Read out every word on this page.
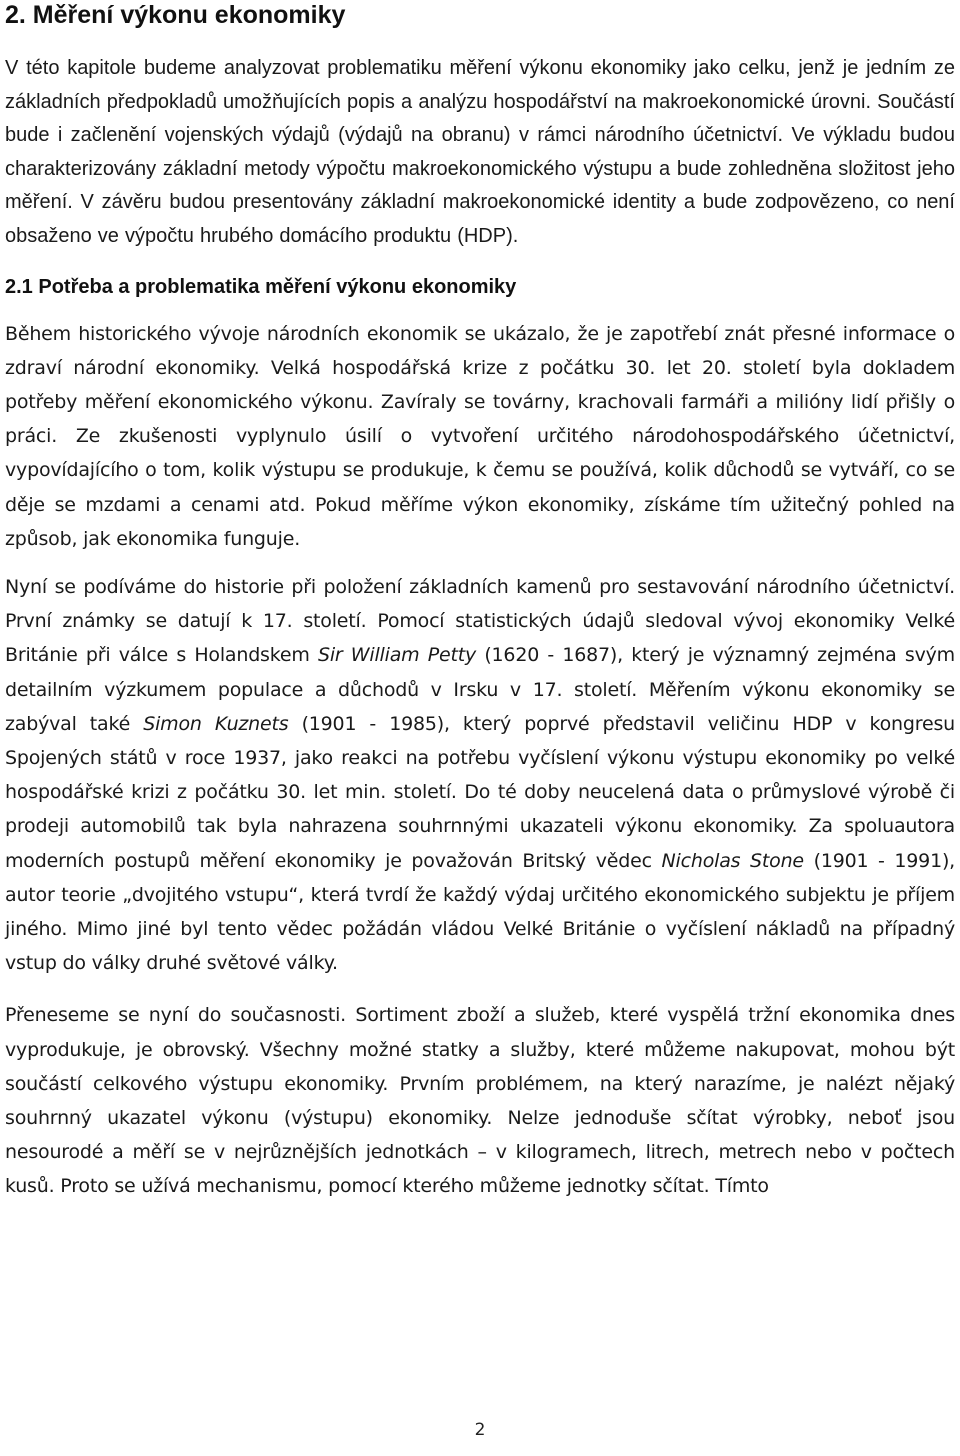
2. Měření výkonu ekonomiky

V této kapitole budeme analyzovat problematiku měření výkonu ekonomiky jako celku, jenž je jedním ze základních předpokladů umožňujících popis a analýzu hospodářství na makroekonomické úrovni. Součástí bude i začlenění vojenských výdajů (výdajů na obranu) v rámci národního účetnictví. Ve výkladu budou charakterizovány základní metody výpočtu makroekonomického výstupu a bude zohledněna složitost jeho měření. V závěru budou presentovány základní makroekonomické identity a bude zodpovězeno, co není obsaženo ve výpočtu hrubého domácího produktu (HDP).

2.1 Potřeba a problematika měření výkonu ekonomiky

Během historického vývoje národních ekonomik se ukázalo, že je zapotřebí znát přesné informace o zdraví národní ekonomiky. Velká hospodářská krize z počátku 30. let 20. století byla dokladem potřeby měření ekonomického výkonu. Zavíraly se továrny, krachovali farmáři a milióny lidí přišly o práci. Ze zkušenosti vyplynulo úsilí o vytvoření určitého národohospodářského účetnictví, vypovídajícího o tom, kolik výstupu se produkuje, k čemu se používá, kolik důchodů se vytváří, co se děje se mzdami a cenami atd. Pokud měříme výkon ekonomiky, získáme tím užitečný pohled na způsob, jak ekonomika funguje.

Nyní se podíváme do historie při položení základních kamenů pro sestavování národního účetnictví. První známky se datují k 17. století. Pomocí statistických údajů sledoval vývoj ekonomiky Velké Británie při válce s Holandskem Sir William Petty (1620 - 1687), který je významný zejména svým detailním výzkumem populace a důchodů v Irsku v 17. století. Měřením výkonu ekonomiky se zabýval také Simon Kuznets (1901 - 1985), který poprvé představil veličinu HDP v kongresu Spojených států v roce 1937, jako reakci na potřebu vyčíslení výkonu výstupu ekonomiky po velké hospodářské krizi z počátku 30. let min. století. Do té doby neucelená data o průmyslové výrobě či prodeji automobilů tak byla nahrazena souhrnnými ukazateli výkonu ekonomiky. Za spoluautora moderních postupů měření ekonomiky je považován Britský vědec Nicholas Stone (1901 - 1991), autor teorie „dvojitého vstupu“, která tvrdí že každý výdaj určitého ekonomického subjektu je příjem jiného. Mimo jiné byl tento vědec požádán vládou Velké Británie o vyčíslení nákladů na případný vstup do války druhé světové války.

Přeneseme se nyní do současnosti. Sortiment zboží a služeb, které vyspělá tržní ekonomika dnes vyprodukuje, je obrovský. Všechny možné statky a služby, které můžeme nakupovat, mohou být součástí celkového výstupu ekonomiky. Prvním problémem, na který narazíme, je nalézt nějaký souhrnný ukazatel výkonu (výstupu) ekonomiky. Nelze jednoduše sčítat výrobky, neboť jsou nesourodé a měří se v nejrůznějších jednotkách – v kilogramech, litrech, metrech nebo v počtech kusů. Proto se užívá mechanismu, pomocí kterého můžeme jednotky sčítat. Tímto

2
